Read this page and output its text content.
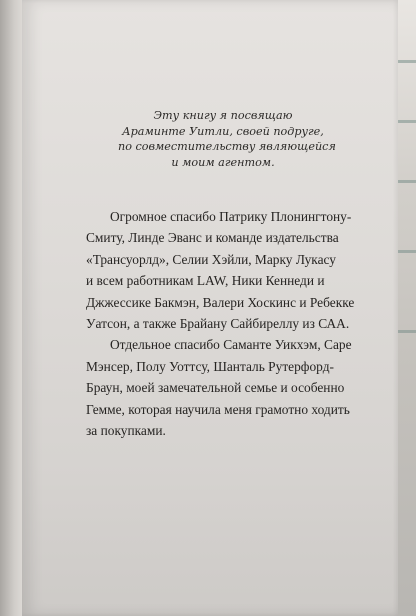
Эту книгу я посвящаю
Араминте Уитли, своей подруге,
по совместительству являющейся
и моим агентом.
Огромное спасибо Патрику Плонингтону-
Смиту, Линде Эванс и команде издательства
«Трансуорлд», Селии Хэйли, Марку Лукасу
и всем работникам LAW, Ники Кеннеди и
Джжессике Бакмэн, Валери Хоскинс и Ребекке
Уатсон, а также Брайану Сайбиреллу из САА.
Отдельное спасибо Саманте Уикхэм, Саре
Мэнсер, Полу Уоттсу, Шанталь Рутерфорд-
Браун, моей замечательной семье и особенно
Гемме, которая научила меня грамотно ходить
за покупками.
